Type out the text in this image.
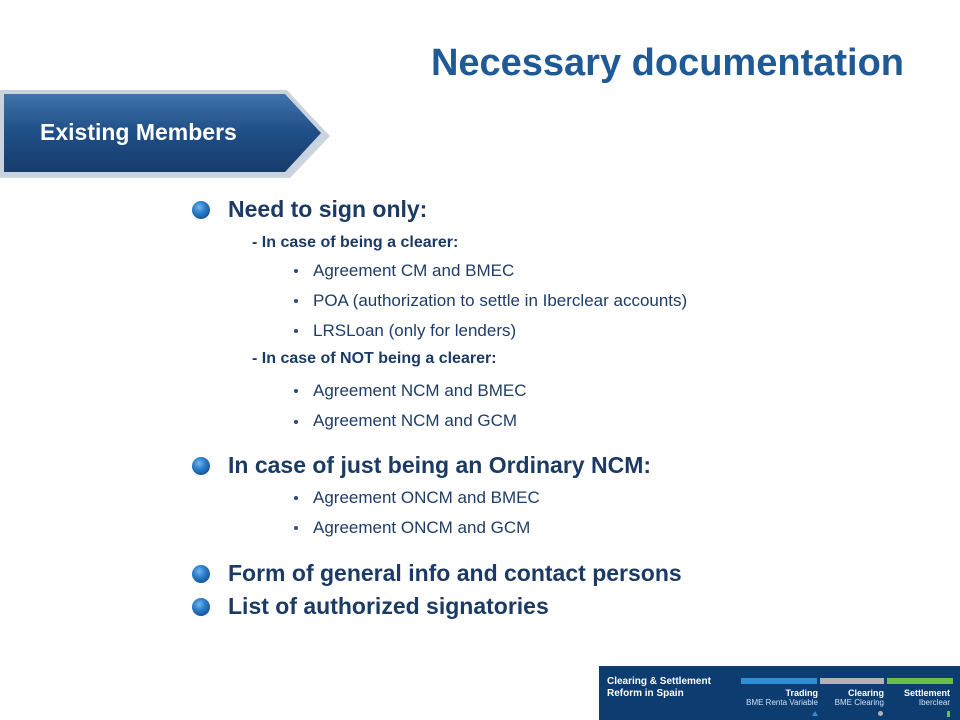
Necessary documentation
Existing Members
Need to sign only:
- In case of being a clearer:
Agreement CM and BMEC
POA (authorization to settle in Iberclear accounts)
LRSLoan (only for lenders)
- In case of NOT being a clearer:
Agreement NCM and BMEC
Agreement NCM and GCM
In case of just being an Ordinary NCM:
Agreement ONCM and BMEC
Agreement ONCM and GCM
Form of general info and contact persons
List of authorized signatories
Clearing & Settlement
Reform in Spain	Trading
BME Renta Variable
Clearing
BME Clearing
Settlement
Iberclear
